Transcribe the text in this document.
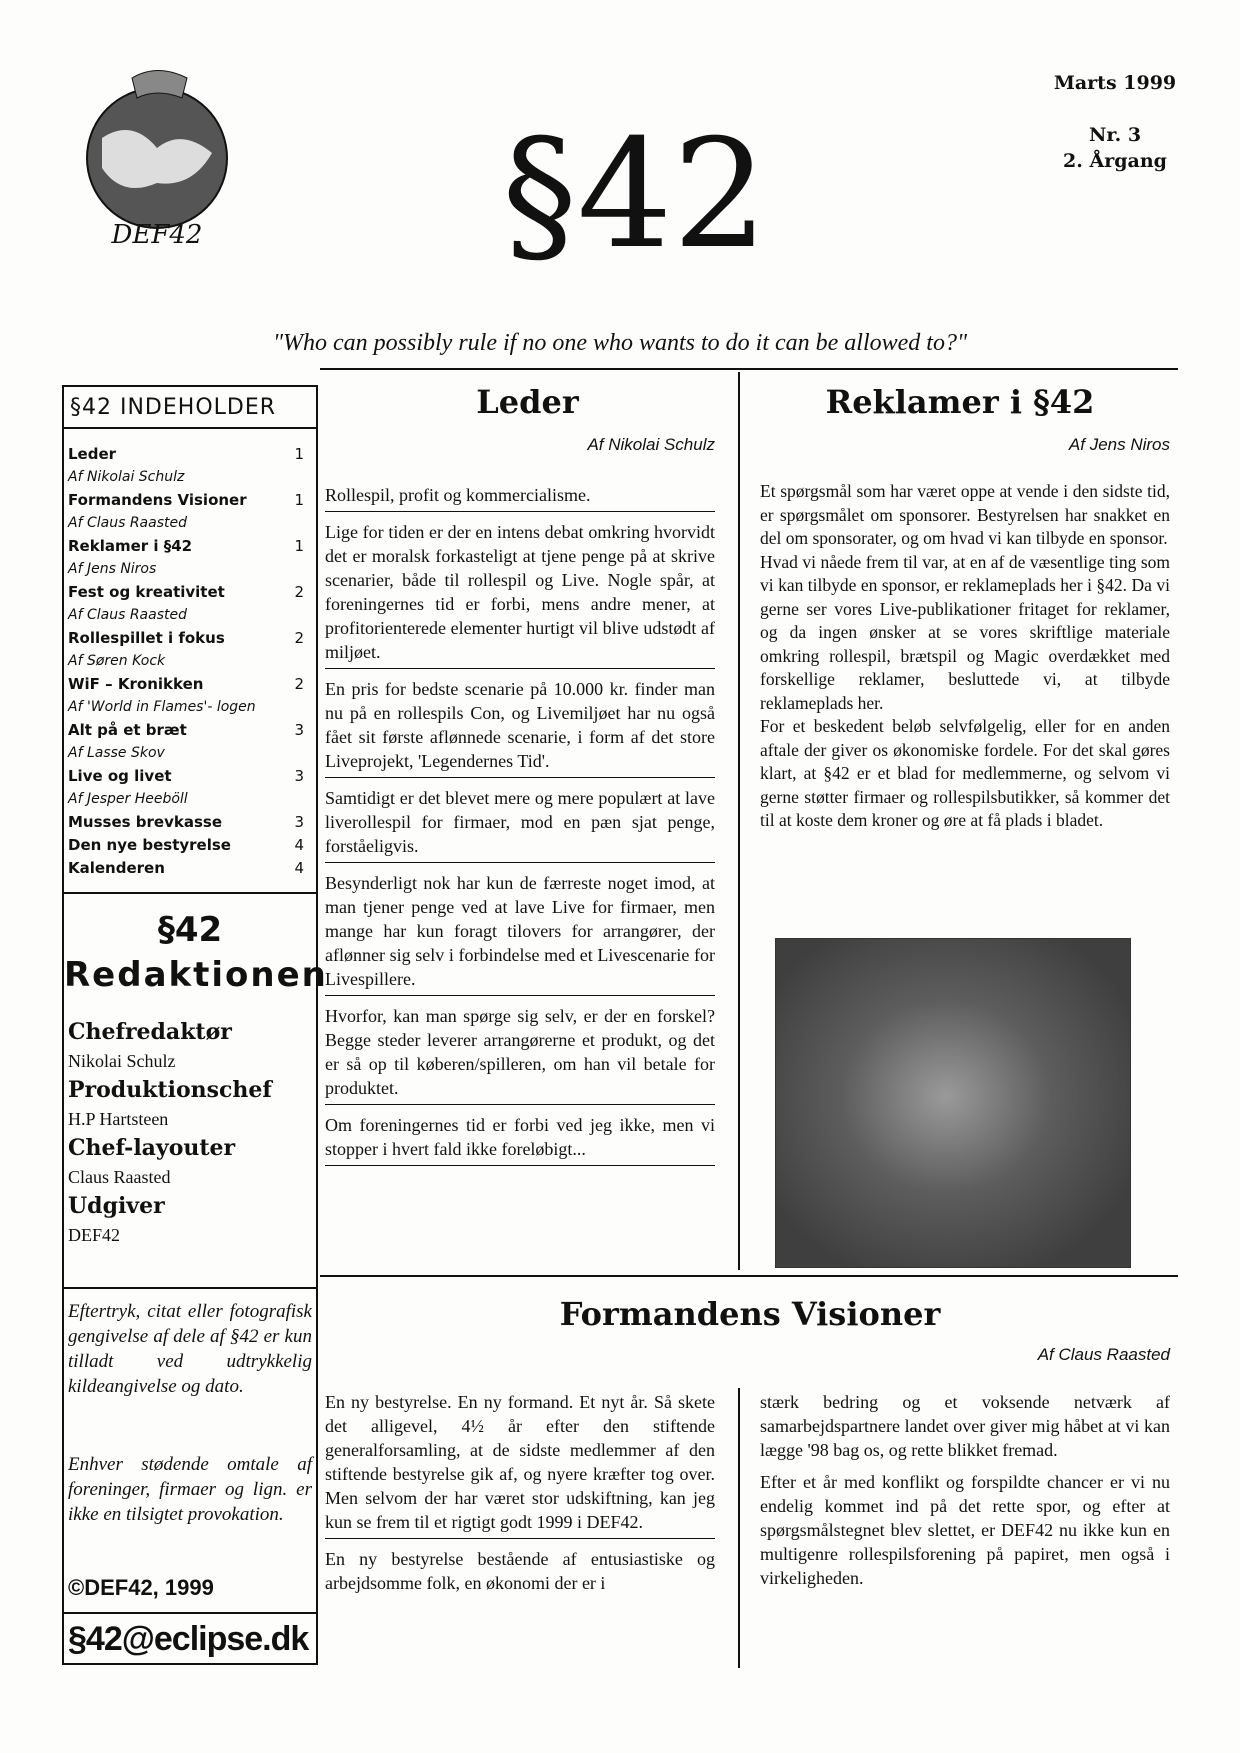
DEF42 §42
Marts 1999
Nr. 3
2. Årgang
"Who can possibly rule if no one who wants to do it can be allowed to?"
§42 INDEHOLDER
Leder	1
Af Nikolai Schulz
Formandens Visioner	1
Af Claus Raasted
Reklamer i §42	1
Af Jens Niros
Fest og kreativitet	2
Af Claus Raasted
Rollespillet i fokus	2
Af Søren Kock
WiF – Kronikken	2
Af 'World in Flames'- logen
Alt på et bræt	3
Af Lasse Skov
Live og livet	3
Af Jesper Heeböll
Musses brevkasse	3
Den nye bestyrelse	4
Kalenderen	4
§42
Redaktionen
Chefredaktør
Nikolai Schulz
Produktionschef
H.P Hartsteen
Chef-layouter
Claus Raasted
Udgiver
DEF42
Eftertryk, citat eller fotografisk gengivelse af dele af §42 er kun tilladt ved udtrykkelig kildeangivelse og dato.
Enhver stødende omtale af foreninger, firmaer og lign. er ikke en tilsigtet provokation.
©DEF42, 1999
§42@eclipse.dk
Leder
Af Nikolai Schulz

Rollespil, profit og kommercialisme.

Lige for tiden er der en intens debat omkring hvorvidt det er moralsk forkasteligt at tjene penge på at skrive scenarier, både til rollespil og Live. Nogle spår, at foreningernes tid er forbi, mens andre mener, at profitorienterede elementer hurtigt vil blive udstødt af miljøet.

En pris for bedste scenarie på 10.000 kr. finder man nu på en rollespils Con, og Livemiljøet har nu også fået sit første aflønnede scenarie, i form af det store Liveprojekt, 'Legendernes Tid'.

Samtidigt er det blevet mere og mere populært at lave liverollespil for firmaer, mod en pæn sjat penge, forståeligvis.

Besynderligt nok har kun de færreste noget imod, at man tjener penge ved at lave Live for firmaer, men mange har kun foragt tilovers for arrangører, der aflønner sig selv i forbindelse med et Livescenarie for Livespillere.

Hvorfor, kan man spørge sig selv, er der en forskel? Begge steder leverer arrangørerne et produkt, og det er så op til køberen/spilleren, om han vil betale for produktet.

Om foreningernes tid er forbi ved jeg ikke, men vi stopper i hvert fald ikke foreløbigt...

Reklamer i §42
Af Jens Niros

Et spørgsmål som har været oppe at vende i den sidste tid, er spørgsmålet om sponsorer. Bestyrelsen har snakket en del om sponsorater, og om hvad vi kan tilbyde en sponsor.

Hvad vi nåede frem til var, at en af de væsentlige ting som vi kan tilbyde en sponsor, er reklameplads her i §42. Da vi gerne ser vores Live-publikationer fritaget for reklamer, og da ingen ønsker at se vores skriftlige materiale omkring rollespil, brætspil og Magic overdækket med forskellige reklamer, besluttede vi, at tilbyde reklameplads her.

For et beskedent beløb selvfølgelig, eller for en anden aftale der giver os økonomiske fordele. For det skal gøres klart, at §42 er et blad for medlemmerne, og selvom vi gerne støtter firmaer og rollespilsbutikker, så kommer det til at koste dem kroner og øre at få plads i bladet.

Formandens Visioner
Af Claus Raasted

En ny bestyrelse. En ny formand. Et nyt år. Så skete det alligevel, 4½ år efter den stiftende generalforsamling, at de sidste medlemmer af den stiftende bestyrelse gik af, og nyere kræfter tog over. Men selvom der har været stor udskiftning, kan jeg kun se frem til et rigtigt godt 1999 i DEF42.

En ny bestyrelse bestående af entusiastiske og arbejdsomme folk, en økonomi der er i

stærk bedring og et voksende netværk af samarbejdspartnere landet over giver mig håbet at vi kan lægge '98 bag os, og rette blikket fremad.

Efter et år med konflikt og forspildte chancer er vi nu endelig kommet ind på det rette spor, og efter at spørgsmålstegnet blev slettet, er DEF42 nu ikke kun en multigenre rollespilsforening på papiret, men også i virkeligheden.
